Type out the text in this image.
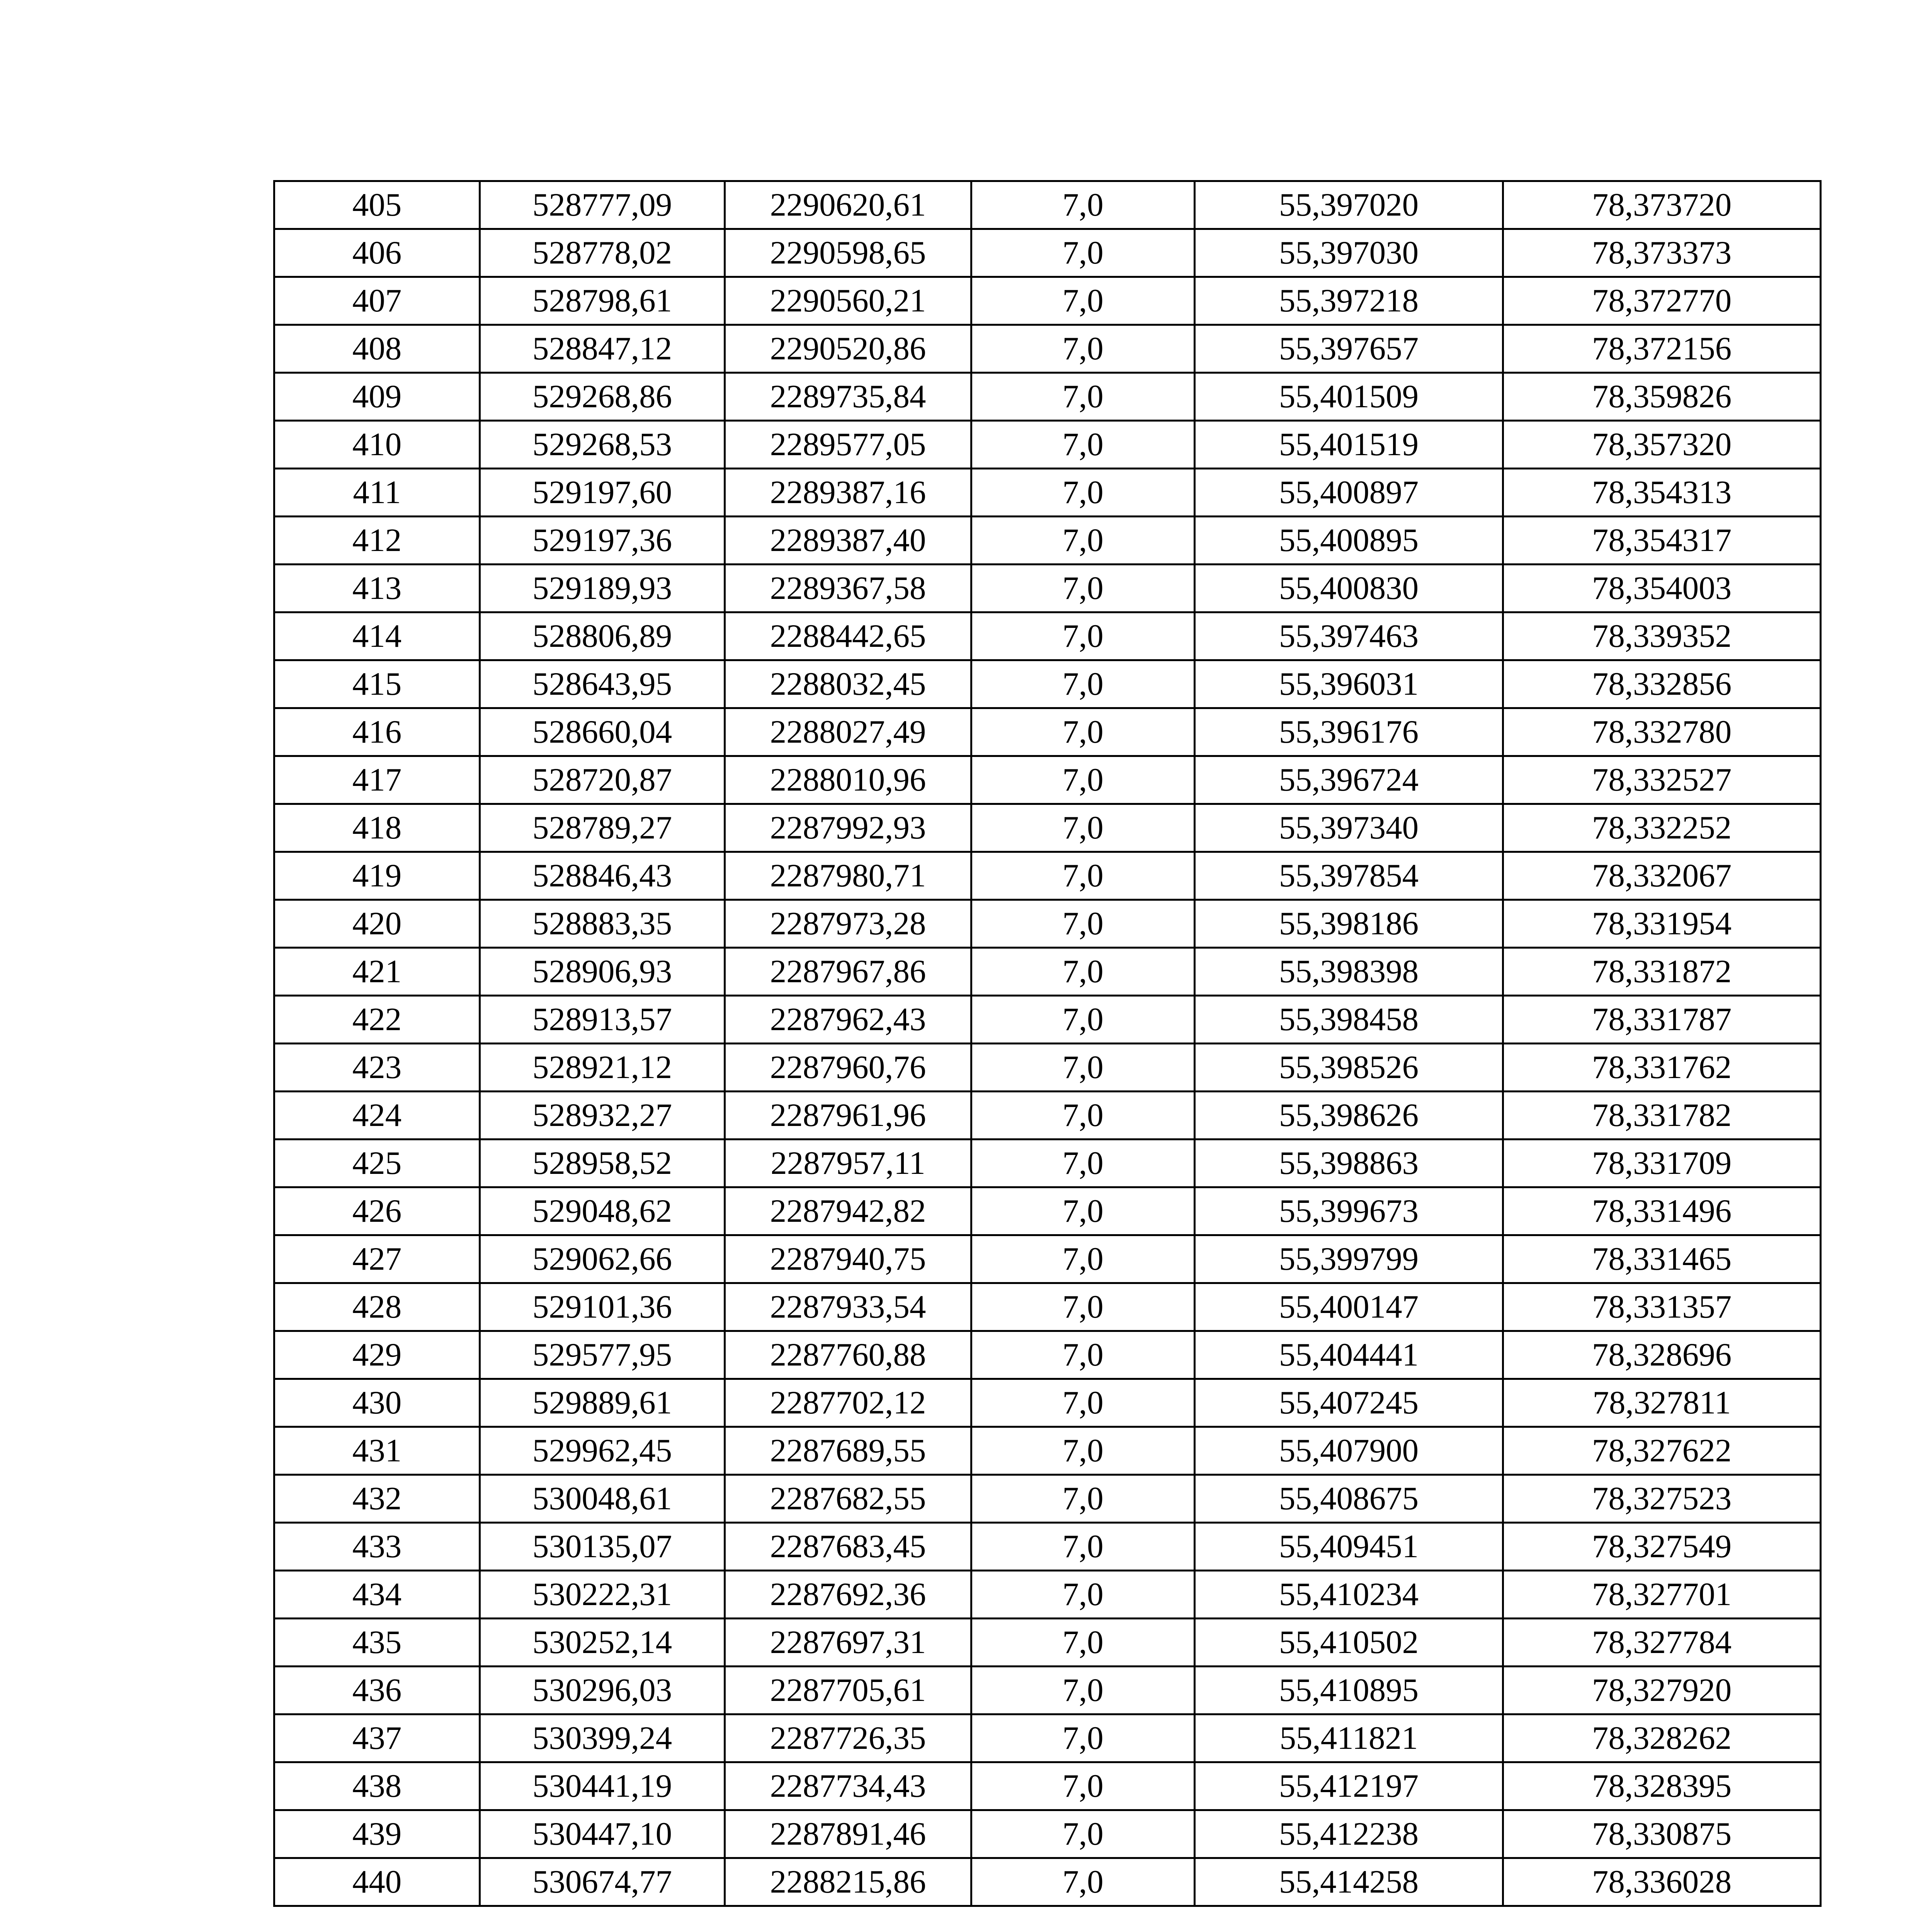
405	528777,09	2290620,61	7,0	55,397020	78,373720
406	528778,02	2290598,65	7,0	55,397030	78,373373
407	528798,61	2290560,21	7,0	55,397218	78,372770
408	528847,12	2290520,86	7,0	55,397657	78,372156
409	529268,86	2289735,84	7,0	55,401509	78,359826
410	529268,53	2289577,05	7,0	55,401519	78,357320
411	529197,60	2289387,16	7,0	55,400897	78,354313
412	529197,36	2289387,40	7,0	55,400895	78,354317
413	529189,93	2289367,58	7,0	55,400830	78,354003
414	528806,89	2288442,65	7,0	55,397463	78,339352
415	528643,95	2288032,45	7,0	55,396031	78,332856
416	528660,04	2288027,49	7,0	55,396176	78,332780
417	528720,87	2288010,96	7,0	55,396724	78,332527
418	528789,27	2287992,93	7,0	55,397340	78,332252
419	528846,43	2287980,71	7,0	55,397854	78,332067
420	528883,35	2287973,28	7,0	55,398186	78,331954
421	528906,93	2287967,86	7,0	55,398398	78,331872
422	528913,57	2287962,43	7,0	55,398458	78,331787
423	528921,12	2287960,76	7,0	55,398526	78,331762
424	528932,27	2287961,96	7,0	55,398626	78,331782
425	528958,52	2287957,11	7,0	55,398863	78,331709
426	529048,62	2287942,82	7,0	55,399673	78,331496
427	529062,66	2287940,75	7,0	55,399799	78,331465
428	529101,36	2287933,54	7,0	55,400147	78,331357
429	529577,95	2287760,88	7,0	55,404441	78,328696
430	529889,61	2287702,12	7,0	55,407245	78,327811
431	529962,45	2287689,55	7,0	55,407900	78,327622
432	530048,61	2287682,55	7,0	55,408675	78,327523
433	530135,07	2287683,45	7,0	55,409451	78,327549
434	530222,31	2287692,36	7,0	55,410234	78,327701
435	530252,14	2287697,31	7,0	55,410502	78,327784
436	530296,03	2287705,61	7,0	55,410895	78,327920
437	530399,24	2287726,35	7,0	55,411821	78,328262
438	530441,19	2287734,43	7,0	55,412197	78,328395
439	530447,10	2287891,46	7,0	55,412238	78,330875
440	530674,77	2288215,86	7,0	55,414258	78,336028
